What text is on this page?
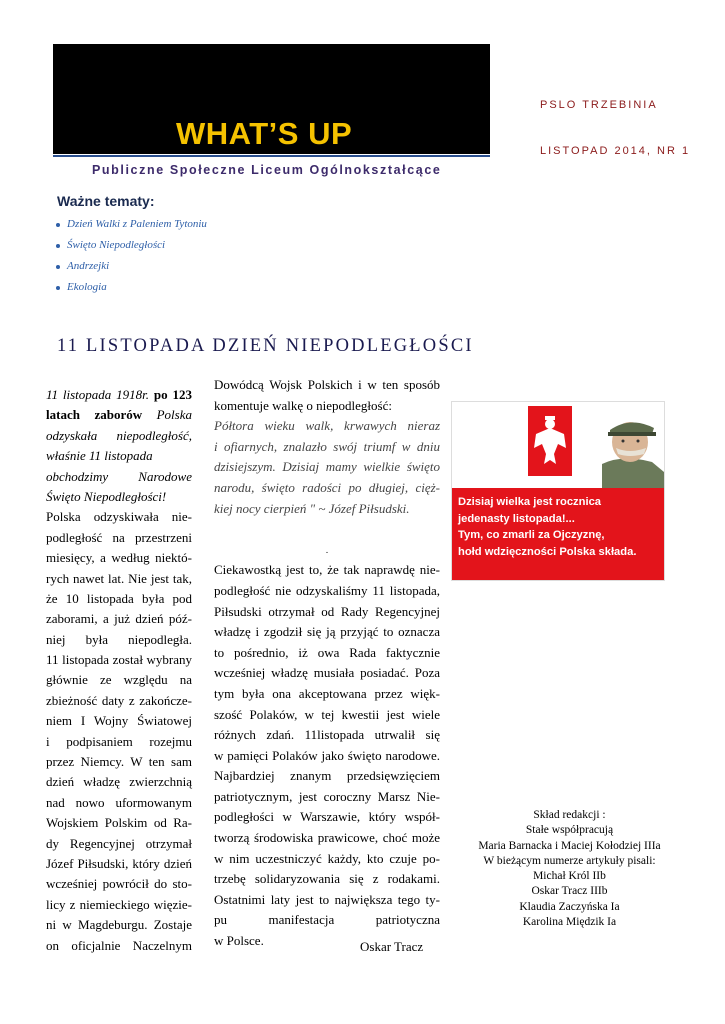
WHAT’S UP
Publiczne Społeczne Liceum Ogólnokształcące
PSLO TRZEBINIA
LISTOPAD 2014, NR 1
Ważne tematy:
Dzień Walki z Paleniem Tytoniu
Święto Niepodległości
Andrzejki
Ekologia
11 LISTOPADA DZIEŃ NIEPODLEGŁOŚCI
11 listopada 1918r. po 123
latach zaborów Polska
odzyskała niepodległość,
właśnie 11 listopada
obchodzimy Narodowe
Święto Niepodległości!
Polska odzyskiwała nie-
podległość na przestrzeni
miesięcy, a według niektó-
rych nawet lat. Nie jest tak,
że 10 listopada była pod
zaborami, a już dzień póź-
niej była niepodległa.
11 listopada został wybrany
głównie ze względu na
zbieżność daty z zakończe-
niem I Wojny Światowej
i podpisaniem rozejmu
przez Niemcy. W ten sam
dzień władzę zwierzchnią
nad nowo uformowanym
Wojskiem Polskim od Ra-
dy Regencyjnej otrzymał
Józef Piłsudski, który dzień
wcześniej powrócił do sto-
licy z niemieckiego więzie-
ni w Magdeburgu. Zostaje
on oficjalnie Naczelnym
Dowódcą Wojsk Polskich i w ten sposób
komentuje walkę o niepodległość:
Półtora wieku walk, krwawych nieraz
i ofiarnych, znalazło swój triumf w dniu
dzisiejszym. Dzisiaj mamy wielkie święto
narodu, święto radości po długiej, cięż-
kiej nocy cierpień " ~ Józef Piłsudski.
.
Ciekawostką jest to, że tak naprawdę nie-
podległość nie odzyskaliśmy 11 listopada,
Piłsudski otrzymał od Rady Regencyjnej
władzę i zgodził się ją przyjąć to oznacza
to pośrednio, iż owa Rada faktycznie
wcześniej władzę musiała posiadać. Poza
tym była ona akceptowana przez więk-
szość Polaków, w tej kwestii jest wiele
różnych zdań. 11listopada utrwalił się
w pamięci Polaków jako święto narodowe.
Najbardziej znanym przedsięwzięciem
patriotycznym, jest coroczny Marsz Nie-
podległości w Warszawie, który współ-
tworzą środowiska prawicowe, choć może
w nim uczestniczyć każdy, kto czuje po-
trzebę solidaryzowania się z rodakami.
Ostatnimi laty jest to największa tego ty-
pu manifestacja patriotyczna
w Polsce.	Oskar Tracz
Dzisiaj wielka jest rocznica
jedenasty listopada!...
Tym, co zmarli za Ojczyznę,
hołd wdzięczności Polska składa.
Skład redakcji :
Stałe współpracują
Maria Barnacka i Maciej Kołodziej IIIa
W bieżącym numerze artykuły pisali:
Michał Król IIb
Oskar Tracz IIIb
Klaudia Zaczyńska Ia
Karolina Międzik Ia
